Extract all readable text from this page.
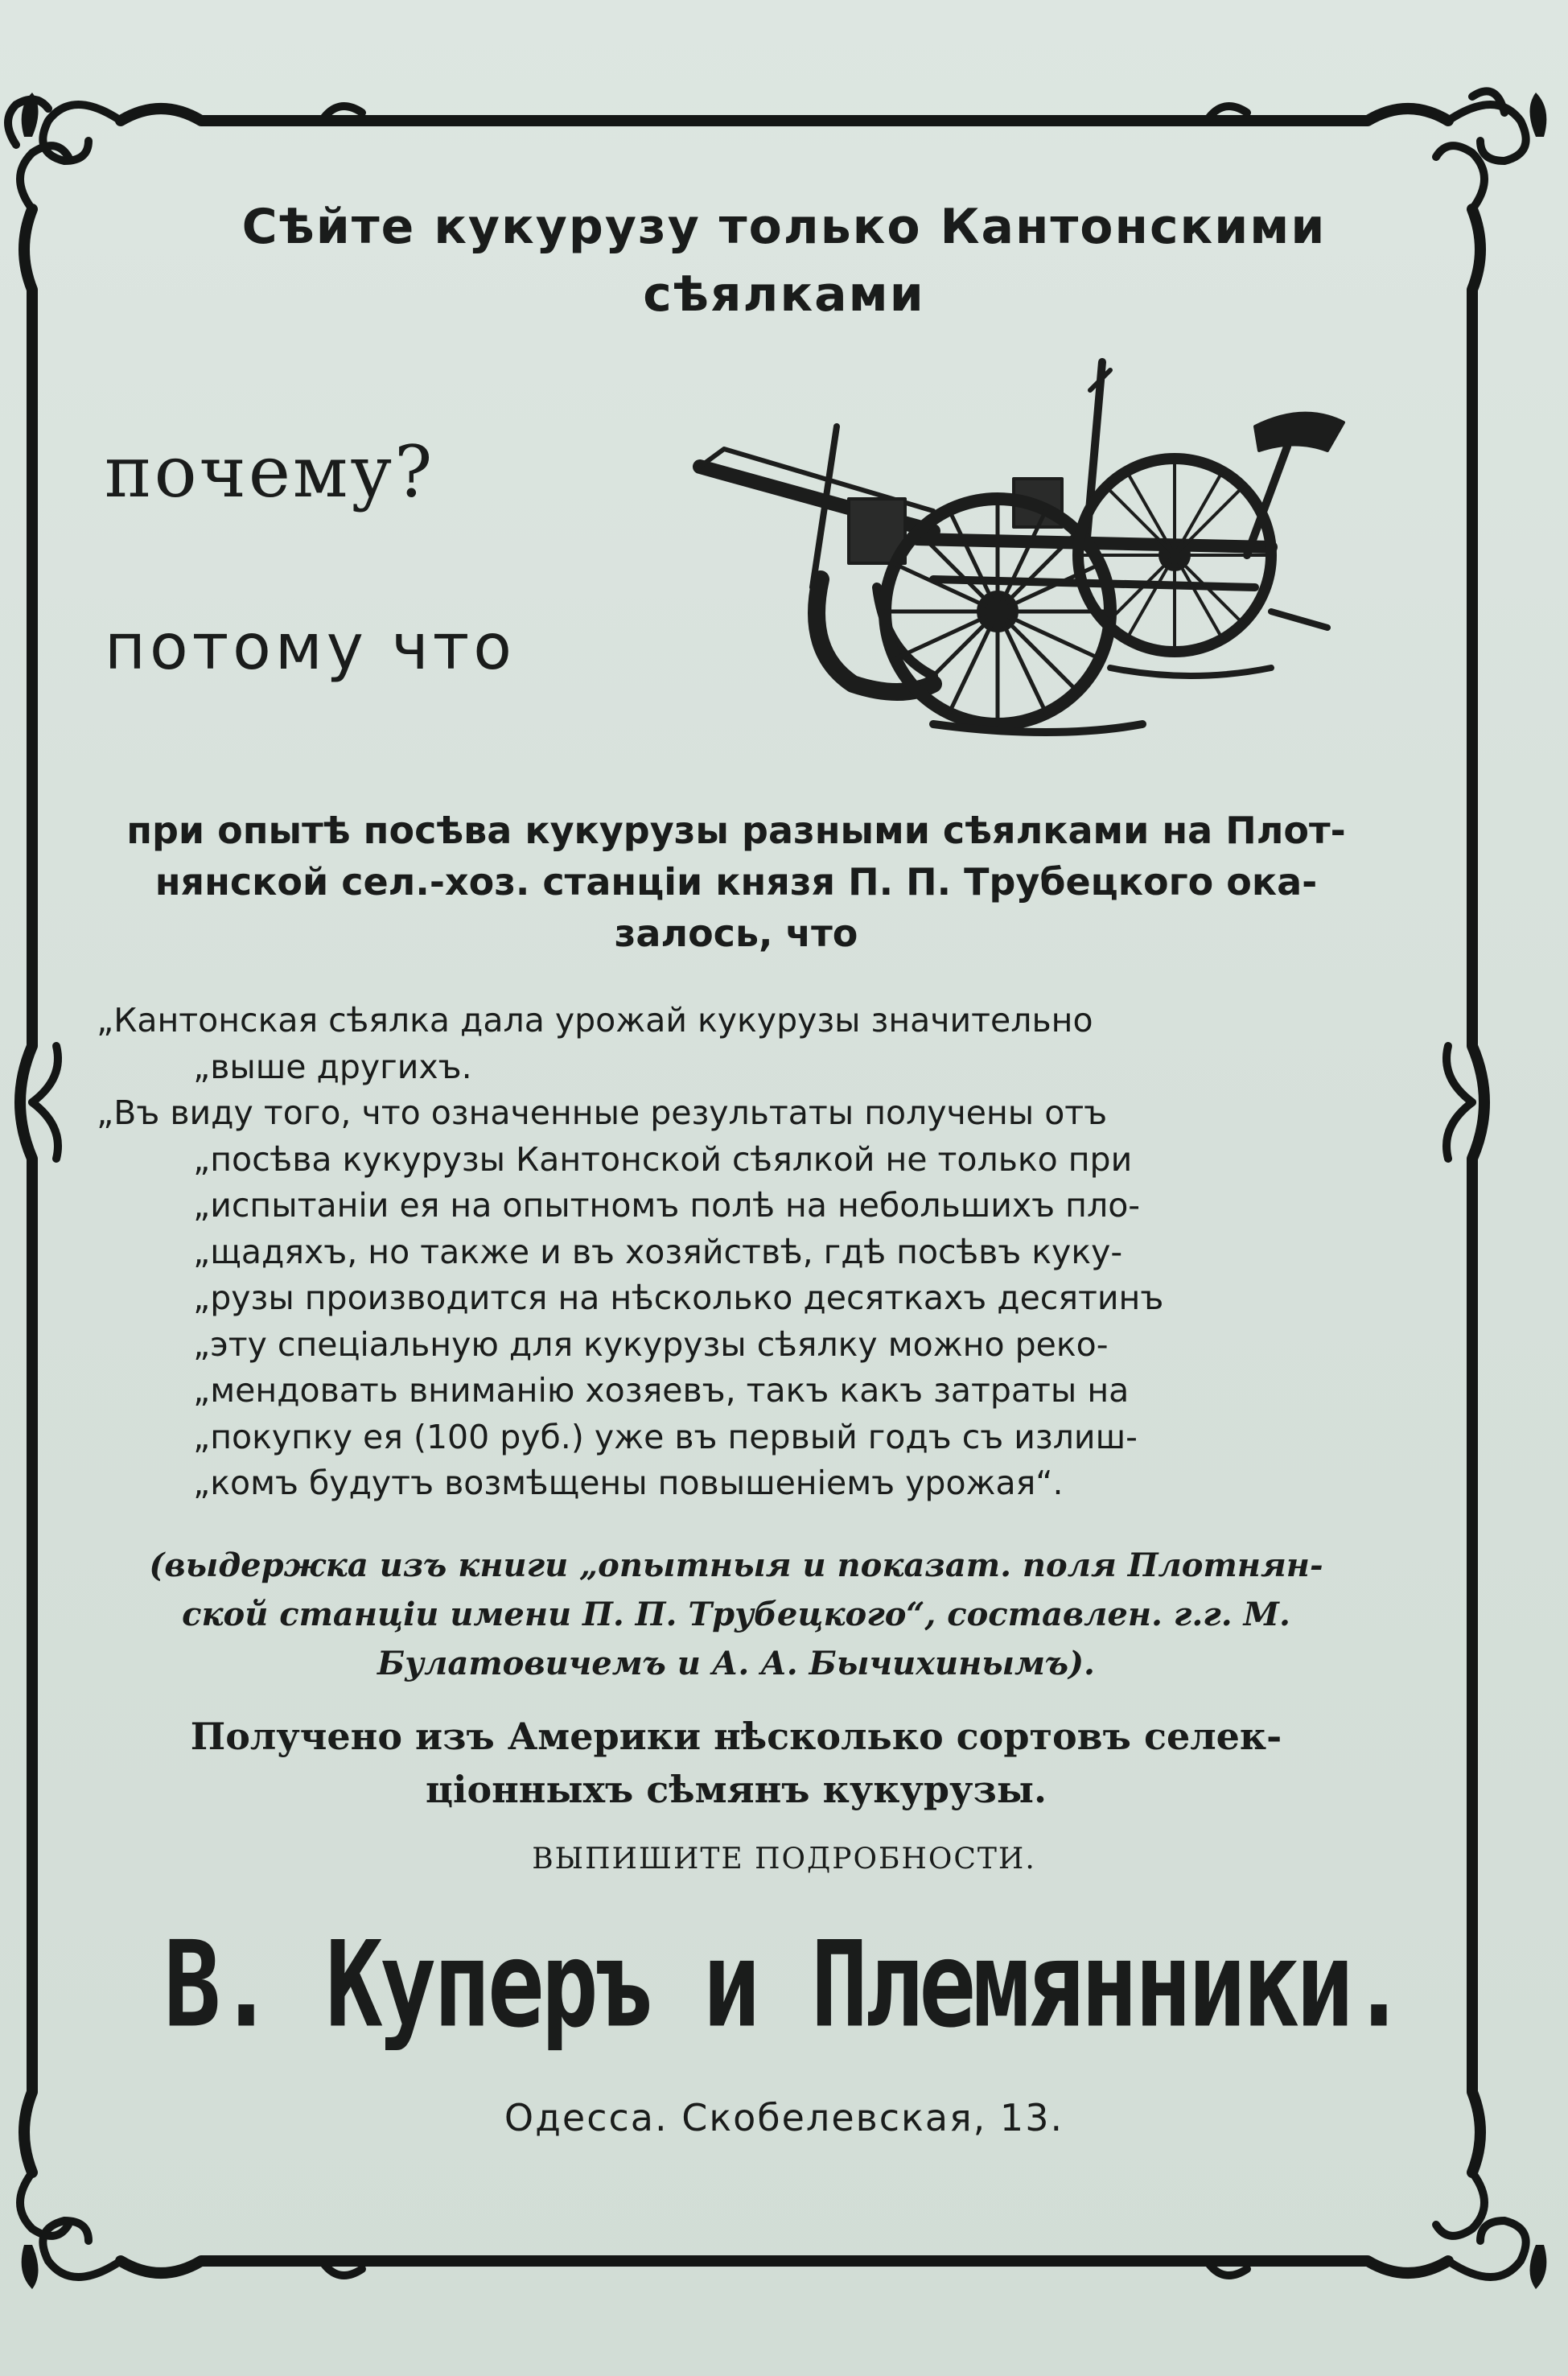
Сѣйте кукурузу только Кантонскими
сѣялками
почему?
потому что
при опытѣ посѣва кукурузы разными сѣялками на Плот-
нянской сел.-хоз. станціи князя П. П. Трубецкого ока-
залось, что
„Кантонская сѣялка дала урожай кукурузы значительно
„выше другихъ.
„Въ виду того, что означенные результаты получены отъ
„посѣва кукурузы Кантонской сѣялкой не только при
„испытаніи ея на опытномъ полѣ на небольшихъ пло-
„щадяхъ, но также и въ хозяйствѣ, гдѣ посѣвъ куку-
„рузы производится на нѣсколько десяткахъ десятинъ
„эту спеціальную для кукурузы сѣялку можно реко-
„мендовать вниманію хозяевъ, такъ какъ затраты на
„покупку ея (100 руб.) уже въ первый годъ съ излиш-
„комъ будутъ возмѣщены повышеніемъ урожая“.
(выдержка изъ книги „опытныя и показат. поля Плотнян-
ской станціи имени П. П. Трубецкого“, составлен. г.г. М.
Булатовичемъ и А. А. Бычихинымъ).
Получено изъ Америки нѣсколько сортовъ селек-
ціонныхъ сѣмянъ кукурузы.
ВЫПИШИТЕ ПОДРОБНОСТИ.
В. Куперъ и Племянники.
Одесса. Скобелевская, 13.
